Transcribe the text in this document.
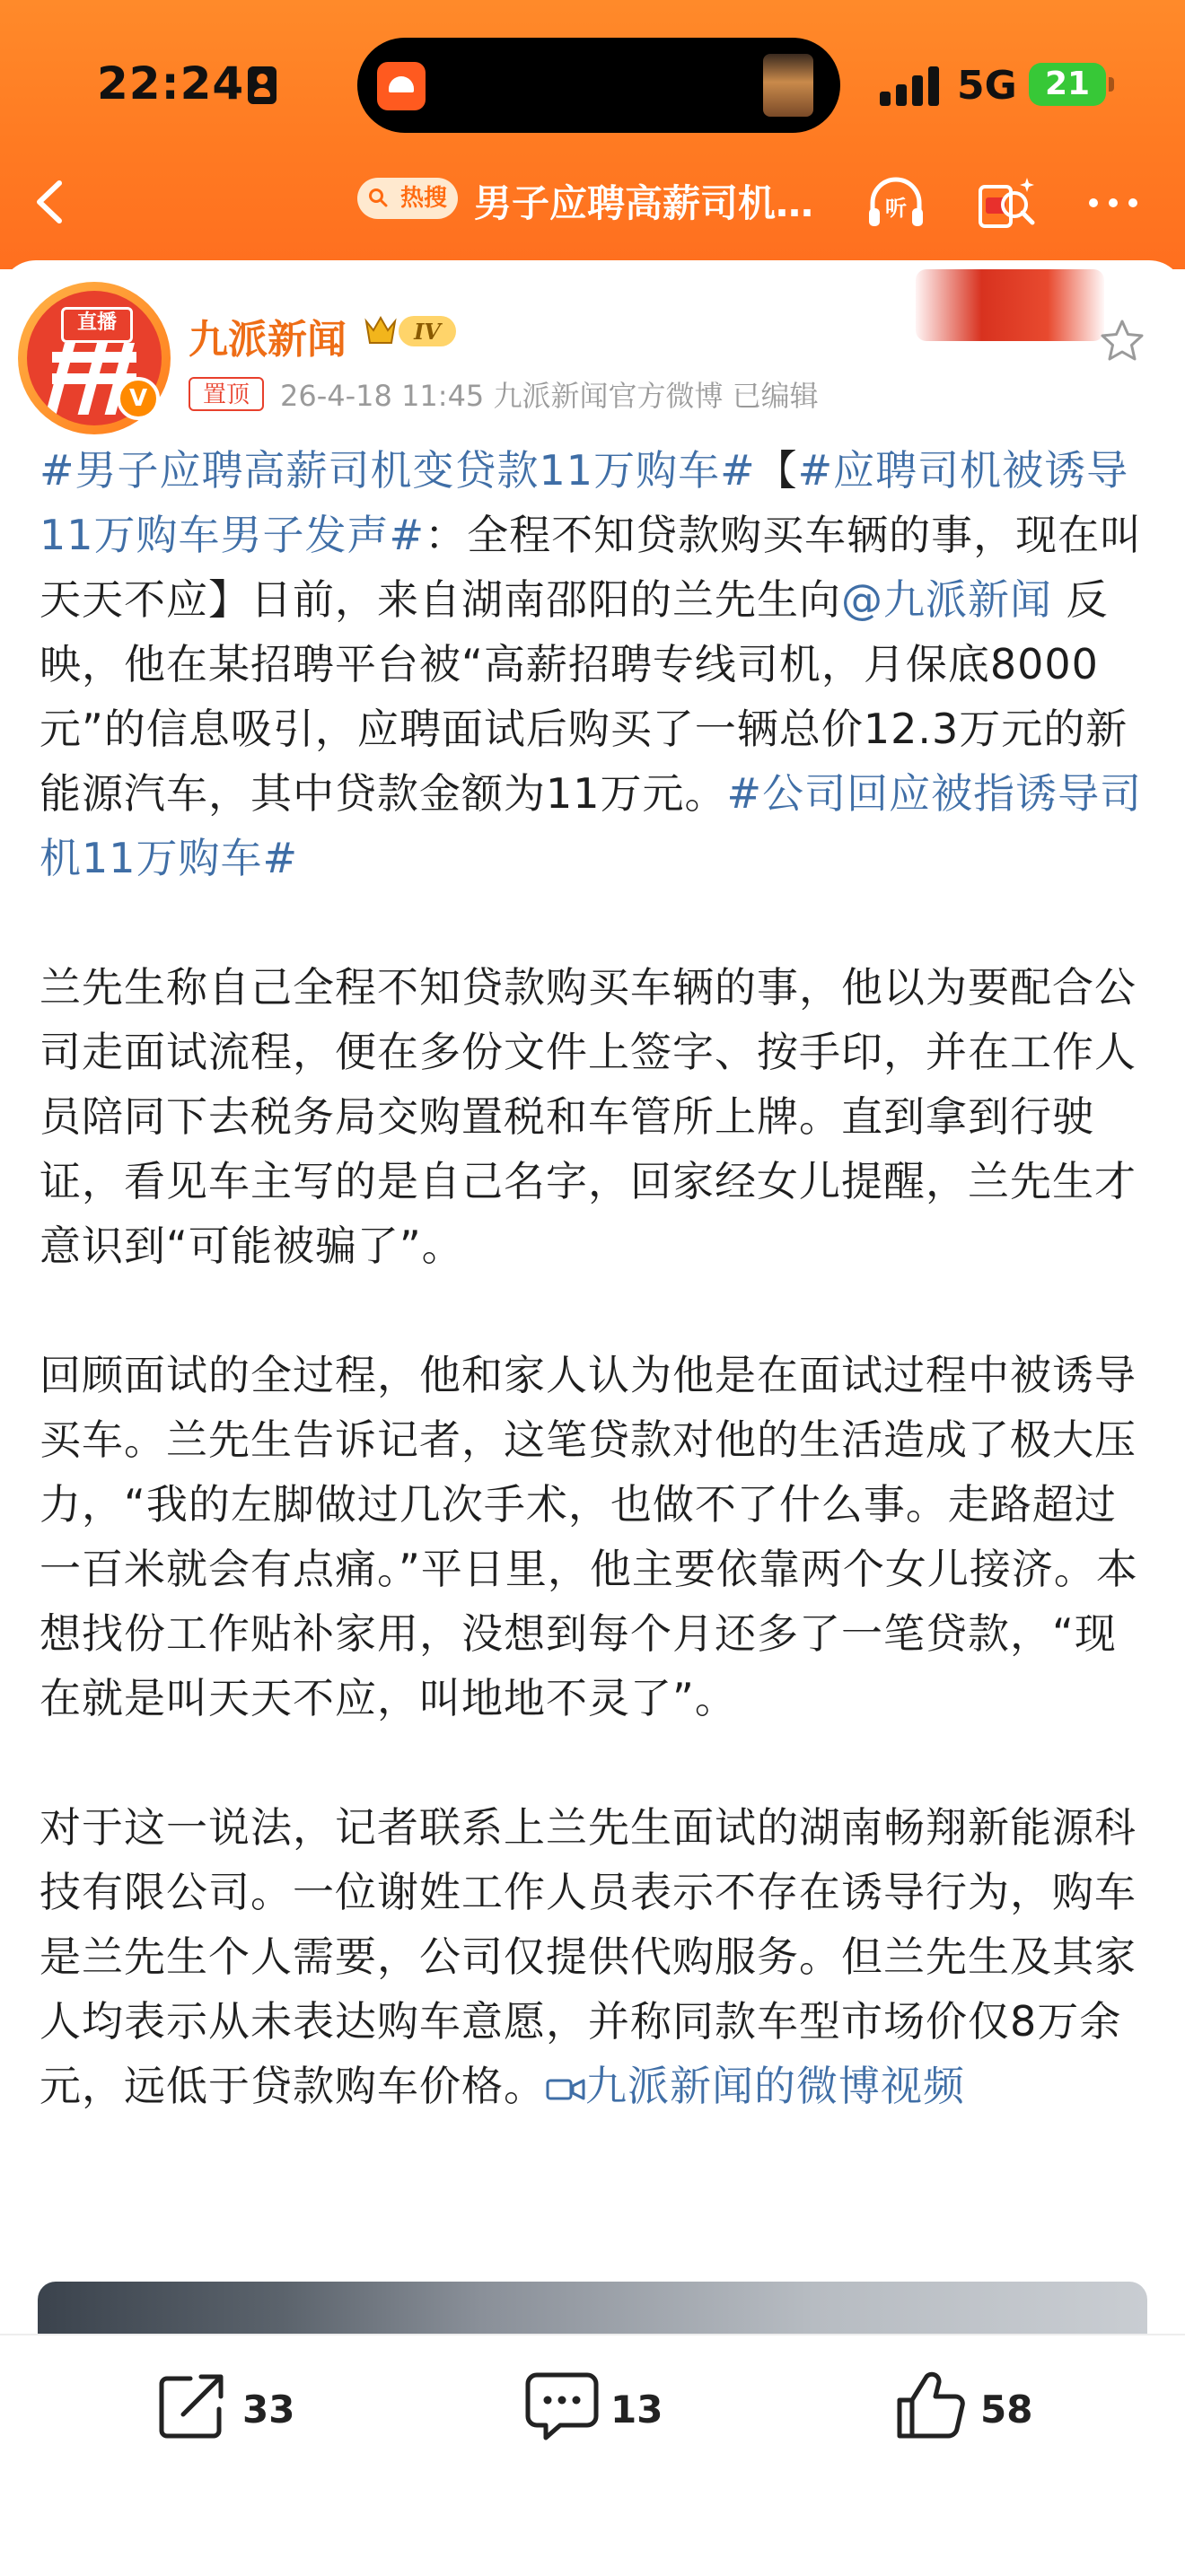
22:24	5G 21
热搜 男子应聘高薪司机…	听
直播
V
九派新闻	IV
置顶	26-4-18 11:45 九派新闻官方微博 已编辑

#男子应聘高薪司机变贷款11万购车#【#应聘司机被诱导11万购车男子发声#：全程不知贷款购买车辆的事，现在叫天天不应】日前，来自湖南邵阳的兰先生向@九派新闻 反映，他在某招聘平台被“高薪招聘专线司机，月保底8000元”的信息吸引，应聘面试后购买了一辆总价12.3万元的新能源汽车，其中贷款金额为11万元。#公司回应被指诱导司机11万购车#

兰先生称自己全程不知贷款购买车辆的事，他以为要配合公司走面试流程，便在多份文件上签字、按手印，并在工作人员陪同下去税务局交购置税和车管所上牌。直到拿到行驶证，看见车主写的是自己名字，回家经女儿提醒，兰先生才意识到“可能被骗了”。

回顾面试的全过程，他和家人认为他是在面试过程中被诱导买车。兰先生告诉记者，这笔贷款对他的生活造成了极大压力，“我的左脚做过几次手术，也做不了什么事。走路超过一百米就会有点痛。”平日里，他主要依靠两个女儿接济。本想找份工作贴补家用，没想到每个月还多了一笔贷款，“现在就是叫天天不应，叫地地不灵了”。

对于这一说法，记者联系上兰先生面试的湖南畅翔新能源科技有限公司。一位谢姓工作人员表示不存在诱导行为，购车是兰先生个人需要，公司仅提供代购服务。但兰先生及其家人均表示从未表达购车意愿，并称同款车型市场价仅8万余元，远低于贷款购车价格。 九派新闻的微博视频

33	13	58
